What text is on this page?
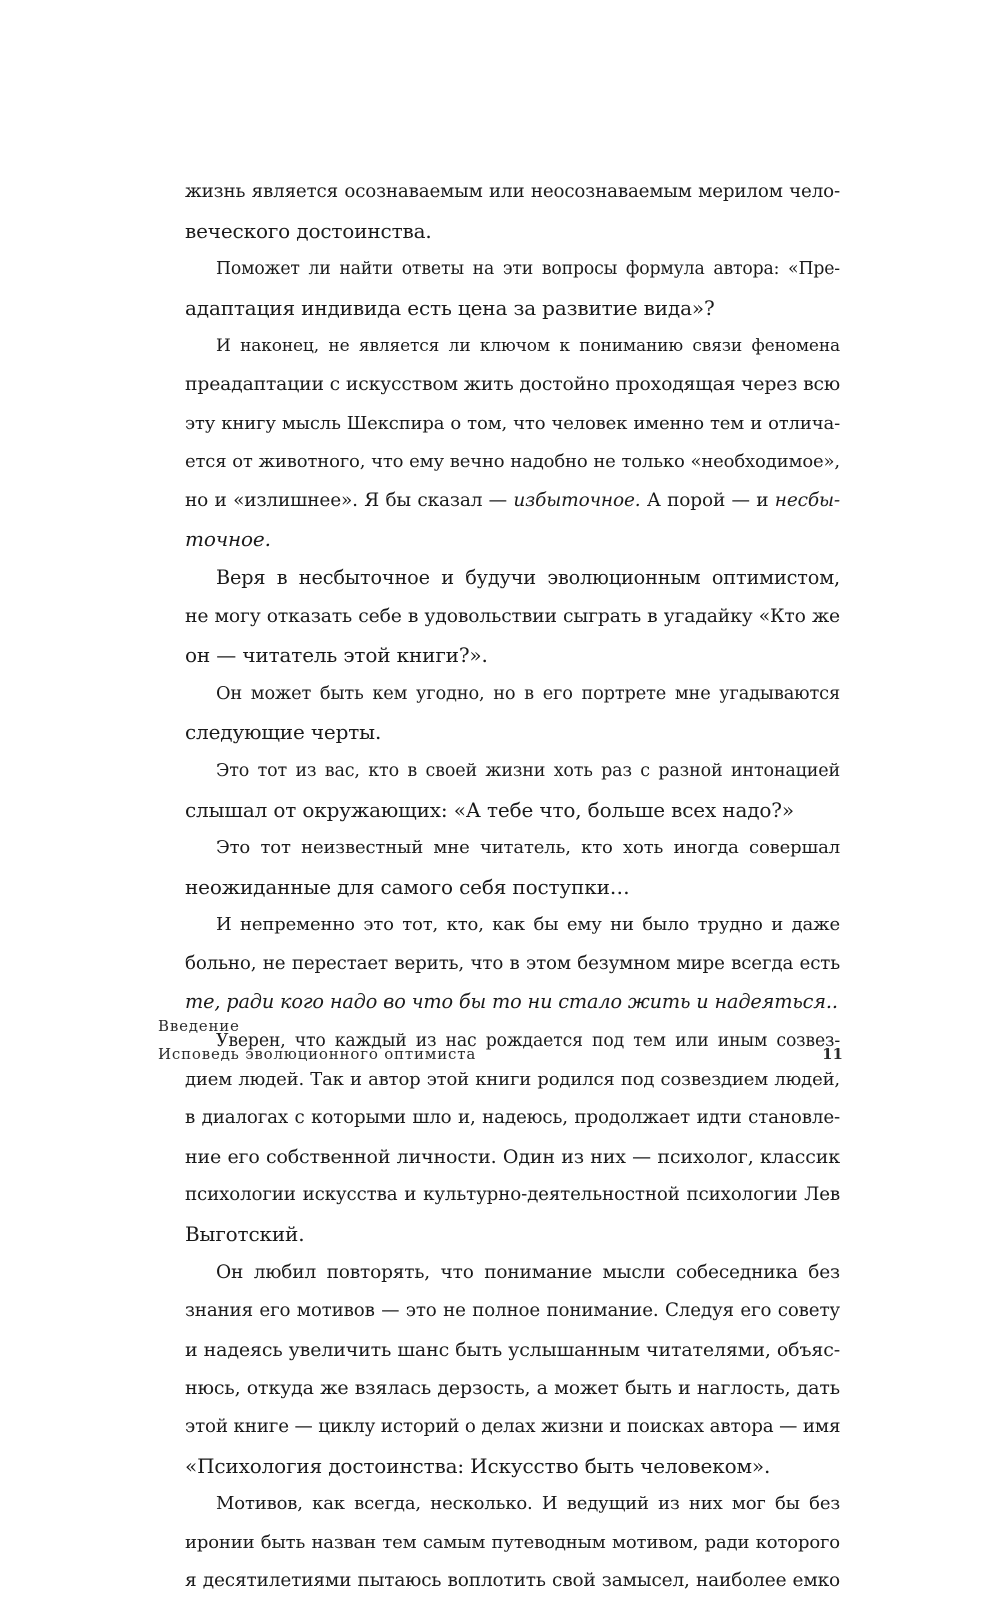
жизнь является осознаваемым или неосознаваемым мерилом чело-
веческого достоинства.
Поможет ли найти ответы на эти вопросы формула автора: «Пре-
адаптация индивида есть цена за развитие вида»?
И наконец, не является ли ключом к пониманию связи феномена
преадаптации с искусством жить достойно проходящая через всю
эту книгу мысль Шекспира о том, что человек именно тем и отлича-
ется от животного, что ему вечно надобно не только «необходимое»,
но и «излишнее». Я бы сказал — избыточное. А порой — и несбы-
точное.
Веря в несбыточное и будучи эволюционным оптимистом,
не могу отказать себе в удовольствии сыграть в угадайку «Кто же
он — читатель этой книги?».
Он может быть кем угодно, но в его портрете мне угадываются
следующие черты.
Это тот из вас, кто в своей жизни хоть раз с разной интонацией
слышал от окружающих: «А тебе что, больше всех надо?»
Это тот неизвестный мне читатель, кто хоть иногда совершал
неожиданные для самого себя поступки…
И непременно это тот, кто, как бы ему ни было трудно и даже
больно, не перестает верить, что в этом безумном мире всегда есть
те, ради кого надо во что бы то ни стало жить и надеяться..
Уверен, что каждый из нас рождается под тем или иным созвез-
дием людей. Так и автор этой книги родился под созвездием людей,
в диалогах с которыми шло и, надеюсь, продолжает идти становле-
ние его собственной личности. Один из них — психолог, классик
психологии искусства и культурно-деятельностной психологии Лев
Выготский.
Он любил повторять, что понимание мысли собеседника без
знания его мотивов — это не полное понимание. Следуя его совету
и надеясь увеличить шанс быть услышанным читателями, объяс-
нюсь, откуда же взялась дерзость, а может быть и наглость, дать
этой книге — циклу историй о делах жизни и поисках автора — имя
«Психология достоинства: Искусство быть человеком».
Мотивов, как всегда, несколько. И ведущий из них мог бы без
иронии быть назван тем самым путеводным мотивом, ради которого
я десятилетиями пытаюсь воплотить свой замысел, наиболее емко
Введение
Исповедь эволюционного оптимиста	11
